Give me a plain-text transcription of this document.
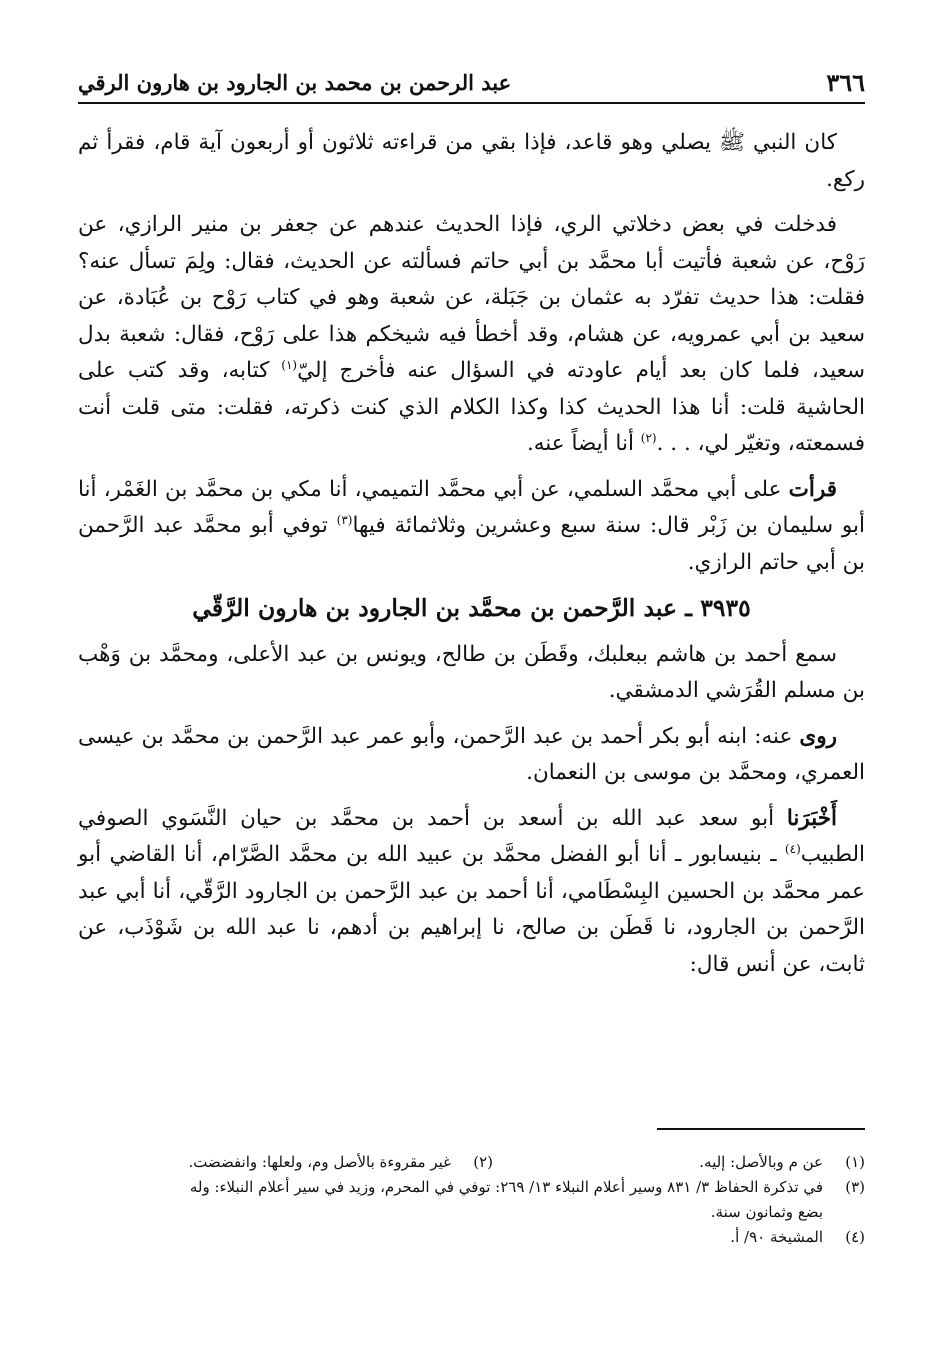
٣٦٦
عبد الرحمن بن محمد بن الجارود بن هارون الرقي

كان النبي ﷺ يصلي وهو قاعد، فإذا بقي من قراءته ثلاثون أو أربعون آية قام، فقرأ ثم ركع.

فدخلت في بعض دخلاتي الري، فإذا الحديث عندهم عن جعفر بن منير الرازي، عن رَوْح، عن شعبة فأتيت أبا محمَّد بن أبي حاتم فسألته عن الحديث، فقال: ولِمَ تسأل عنه؟ فقلت: هذا حديث تفرّد به عثمان بن جَبَلة، عن شعبة وهو في كتاب رَوْح بن عُبَادة، عن سعيد بن أبي عمرويه، عن هشام، وقد أخطأ فيه شيخكم هذا على رَوْح، فقال: شعبة بدل سعيد، فلما كان بعد أيام عاودته في السؤال عنه فأخرج إليّ$^{(١)}$ كتابه، وقد كتب على الحاشية قلت: أنا هذا الحديث كذا وكذا الكلام الذي كنت ذكرته، فقلت: متى قلت أنت فسمعته، وتغيّر لي، . . .$^{(٢)}$ أنا أيضاً عنه.

قرأت على أبي محمَّد السلمي، عن أبي محمَّد التميمي، أنا مكي بن محمَّد بن الغَمْر، أنا أبو سليمان بن زَبْر قال: سنة سبع وعشرين وثلاثمائة فيها$^{(٣)}$ توفي أبو محمَّد عبد الرَّحمن بن أبي حاتم الرازي.

٣٩٣٥ ـ عبد الرَّحمن بن محمَّد بن الجارود بن هارون الرَّقّي

سمع أحمد بن هاشم ببعلبك، وقَطَن بن طالح، ويونس بن عبد الأعلى، ومحمَّد بن وَهْب بن مسلم القُرَشي الدمشقي.

روى عنه: ابنه أبو بكر أحمد بن عبد الرَّحمن، وأبو عمر عبد الرَّحمن بن محمَّد بن عيسى العمري، ومحمَّد بن موسى بن النعمان.

أَخْبَرَنا أبو سعد عبد الله بن أسعد بن أحمد بن محمَّد بن حيان النَّسَوي الصوفي الطبيب$^{(٤)}$ ـ بنيسابور ـ أنا أبو الفضل محمَّد بن عبيد الله بن محمَّد الصَّرّام، أنا القاضي أبو عمر محمَّد بن الحسين البِسْطَامي، أنا أحمد بن عبد الرَّحمن بن الجارود الرَّقّي، أنا أبي عبد الرَّحمن بن الجارود، نا قَطَن بن صالح، نا إبراهيم بن أدهم، نا عبد الله بن شَوْذَب، عن ثابت، عن أنس قال:

(١)
عن م وبالأصل: إليه.
(٢)
غير مقروءة بالأصل وم، ولعلها: وانفضضت.
(٣)
في تذكرة الحفاظ ٣/ ٨٣١ وسير أعلام النبلاء ١٣/ ٢٦٩: توفي في المحرم، وزيد في سير أعلام النبلاء: وله
بضع وثمانون سنة.
(٤)
المشيخة ٩٠/ أ.
